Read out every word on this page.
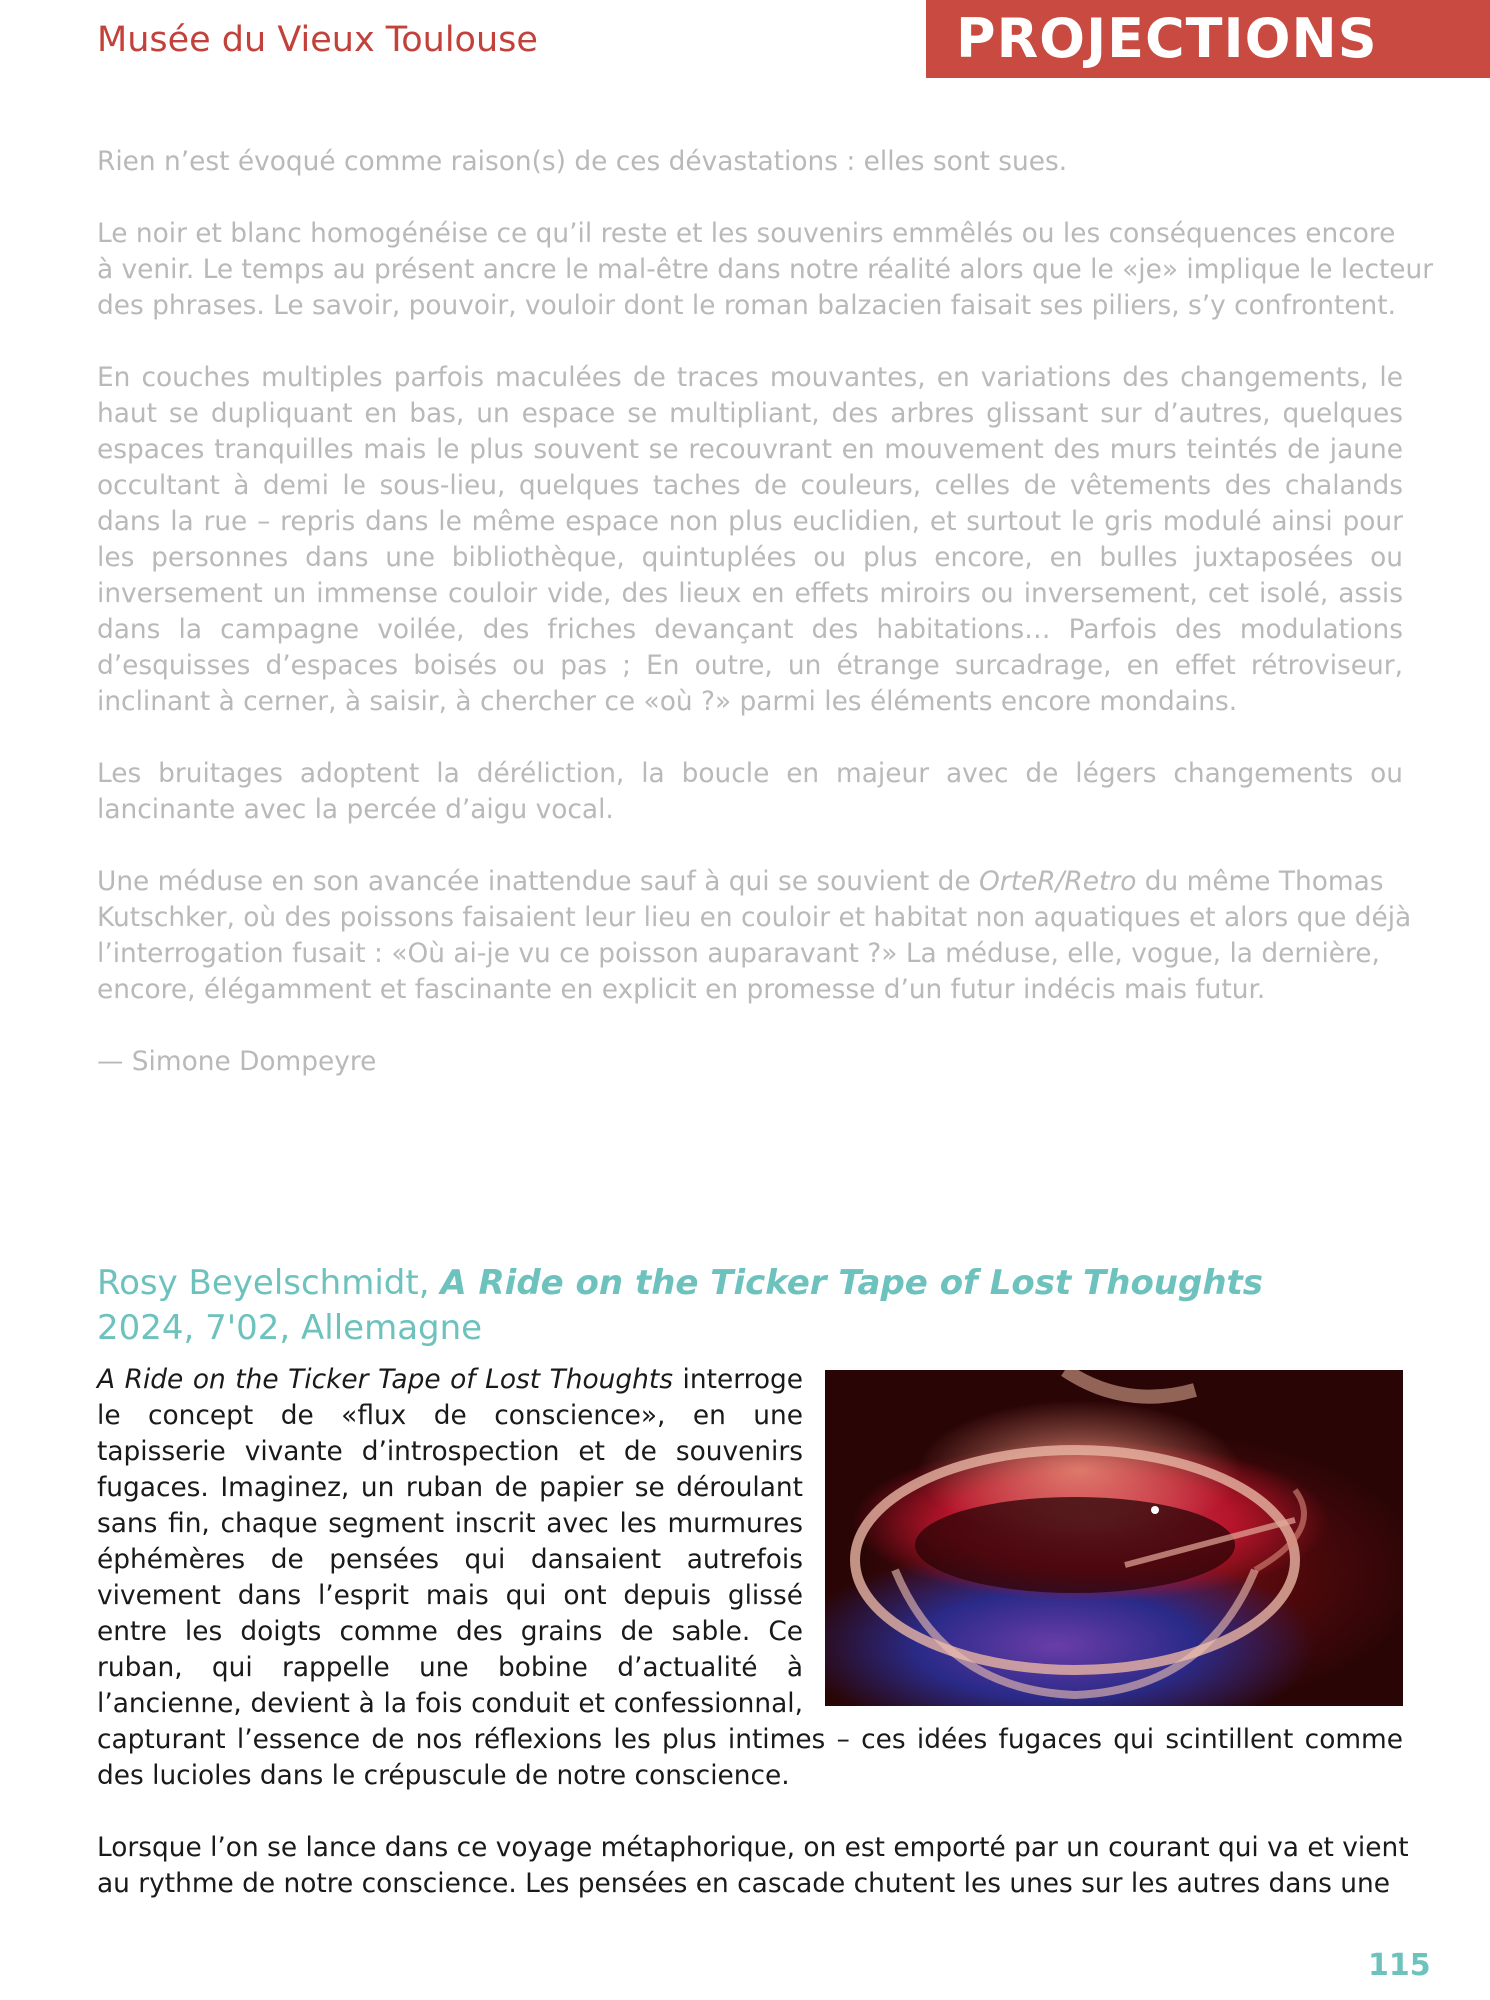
Musée du Vieux Toulouse	PROJECTIONS

Rien n’est évoqué comme raison(s) de ces dévastations : elles sont sues.

Le noir et blanc homogénéise ce qu’il reste et les souvenirs emmêlés ou les conséquences encore
à venir. Le temps au présent ancre le mal-être dans notre réalité alors que le «je» implique le lecteur
des phrases. Le savoir, pouvoir, vouloir dont le roman balzacien faisait ses piliers, s’y confrontent.

En couches multiples parfois maculées de traces mouvantes, en variations des changements, le haut se dupliquant en bas, un espace se multipliant, des arbres glissant sur d’autres, quelques espaces tranquilles mais le plus souvent se recouvrant en mouvement des murs teintés de jaune occultant à demi le sous-lieu, quelques taches de couleurs, celles de vêtements des chalands dans la rue – repris dans le même espace non plus euclidien, et surtout le gris modulé ainsi pour les personnes dans une bibliothèque, quintuplées ou plus encore, en bulles juxtaposées ou inversement un immense couloir vide, des lieux en effets miroirs ou inversement, cet isolé, assis dans la campagne voilée, des friches devançant des habitations… Parfois des modulations d’esquisses d’espaces boisés ou pas ; En outre, un étrange surcadrage, en effet rétroviseur, inclinant à cerner, à saisir, à chercher ce «où ?» parmi les éléments encore mondains.

Les bruitages adoptent la déréliction, la boucle en majeur avec de légers changements ou lancinante avec la percée d’aigu vocal.

Une méduse en son avancée inattendue sauf à qui se souvient de OrteR/Retro du même Thomas
Kutschker, où des poissons faisaient leur lieu en couloir et habitat non aquatiques et alors que déjà
l’interrogation fusait : «Où ai-je vu ce poisson auparavant ?» La méduse, elle, vogue, la dernière,
encore, élégamment et fascinante en explicit en promesse d’un futur indécis mais futur.

— Simone Dompeyre

Rosy Beyelschmidt, A Ride on the Ticker Tape of Lost Thoughts
2024, 7'02, Allemagne

A Ride on the Ticker Tape of Lost Thoughts interroge le concept de «flux de conscience», en une tapisserie vivante d’introspection et de souvenirs fugaces. Imaginez, un ruban de papier se déroulant sans fin, chaque segment inscrit avec les murmures éphémères de pensées qui dansaient autrefois vivement dans l’esprit mais qui ont depuis glissé entre les doigts comme des grains de sable. Ce ruban, qui rappelle une bobine d’actualité à l’ancienne, devient à la fois conduit et confessionnal, capturant l’essence de nos réflexions les plus intimes – ces idées fugaces qui scintillent comme des lucioles dans le crépuscule de notre conscience.

Lorsque l’on se lance dans ce voyage métaphorique, on est emporté par un courant qui va et vient
au rythme de notre conscience. Les pensées en cascade chutent les unes sur les autres dans une

115
